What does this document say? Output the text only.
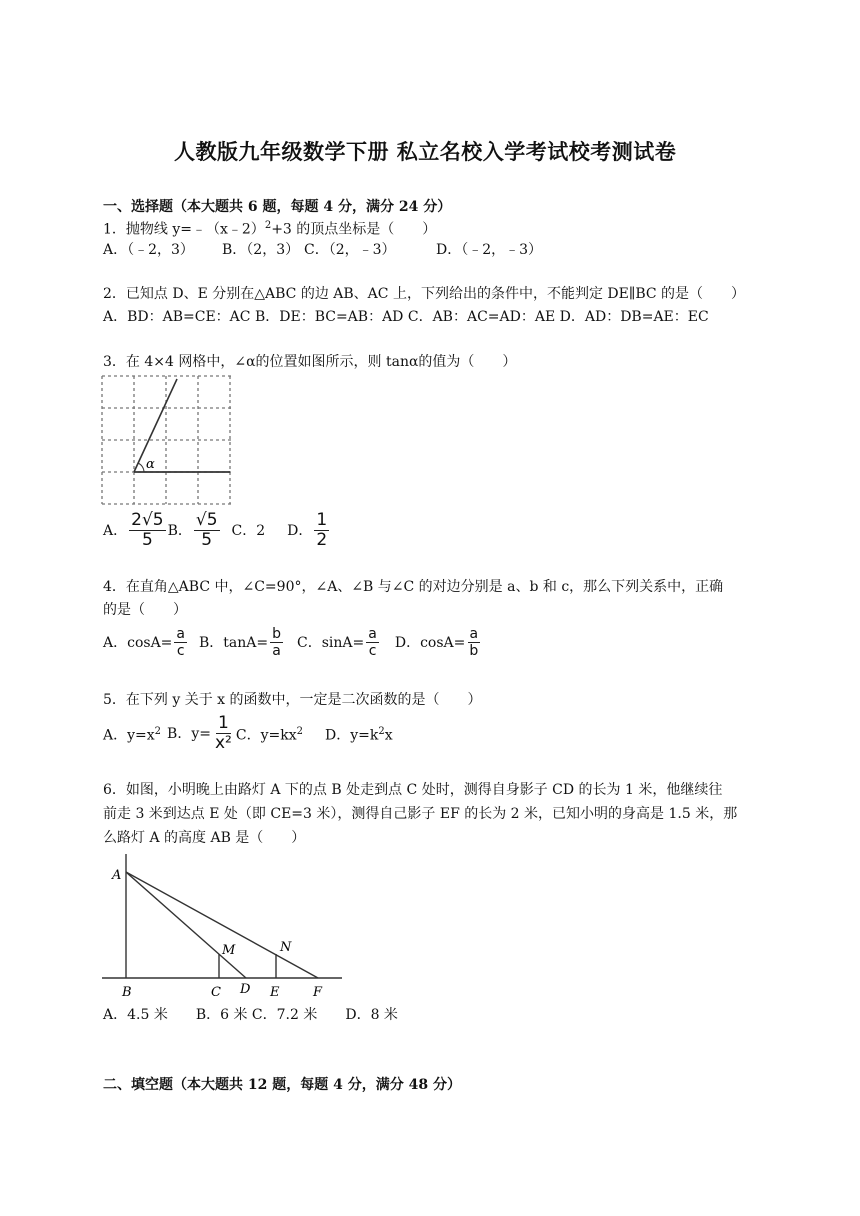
人教版九年级数学下册 私立名校入学考试校考测试卷
一、选择题（本大题共 6 题，每题 4 分，满分 24 分）
1．抛物线 y=﹣（x﹣2）$^2$+3 的顶点坐标是（　　）
A．（﹣2，3） B．（2，3） C．（2，﹣3）	D．（﹣2，﹣3）
2．已知点 D、E 分别在△ABC 的边 AB、AC 上，下列给出的条件中，不能判定 DE∥BC 的是（　　）
A．BD：AB=CE：AC B．DE：BC=AB：AD C．AB：AC=AD：AE D．AD：DB=AE：EC
3．在 4×4 网格中，∠α的位置如图所示，则 tanα的值为（　　）
α
A． $\frac{2√5}{5}$ B． $\frac{√5}{5}$ C．2 D． $\frac{1}{2}$
4．在直角△ABC 中，∠C=90°，∠A、∠B 与∠C 的对边分别是 a、b 和 c，那么下列关系中，正确
的是（　　）
A．$\cos A= \frac{a}{c}$ B．$\tan A= \frac{b}{a}$ C．$\sin A= \frac{a}{c}$ D．$\cos A= \frac{a}{b}$
5．在下列 y 关于 x 的函数中，一定是二次函数的是（　　）
A．$y=x^2$ B．$y= \frac{1}{\text{x²}}$ C．$y=kx^2$ D．$y=k^2x$
6．如图，小明晚上由路灯 A 下的点 B 处走到点 C 处时，测得自身影子 CD 的长为 1 米，他继续往
前走 3 米到达点 E 处（即 CE=3 米），测得自己影子 EF 的长为 2 米，已知小明的身高是 1.5 米，那
么路灯 A 的高度 AB 是（　　）
A
B	C D E	F
M	N
A．4.5 米　　B．6 米 C．7.2 米　　D．8 米
二、填空题（本大题共 12 题，每题 4 分，满分 48 分）
